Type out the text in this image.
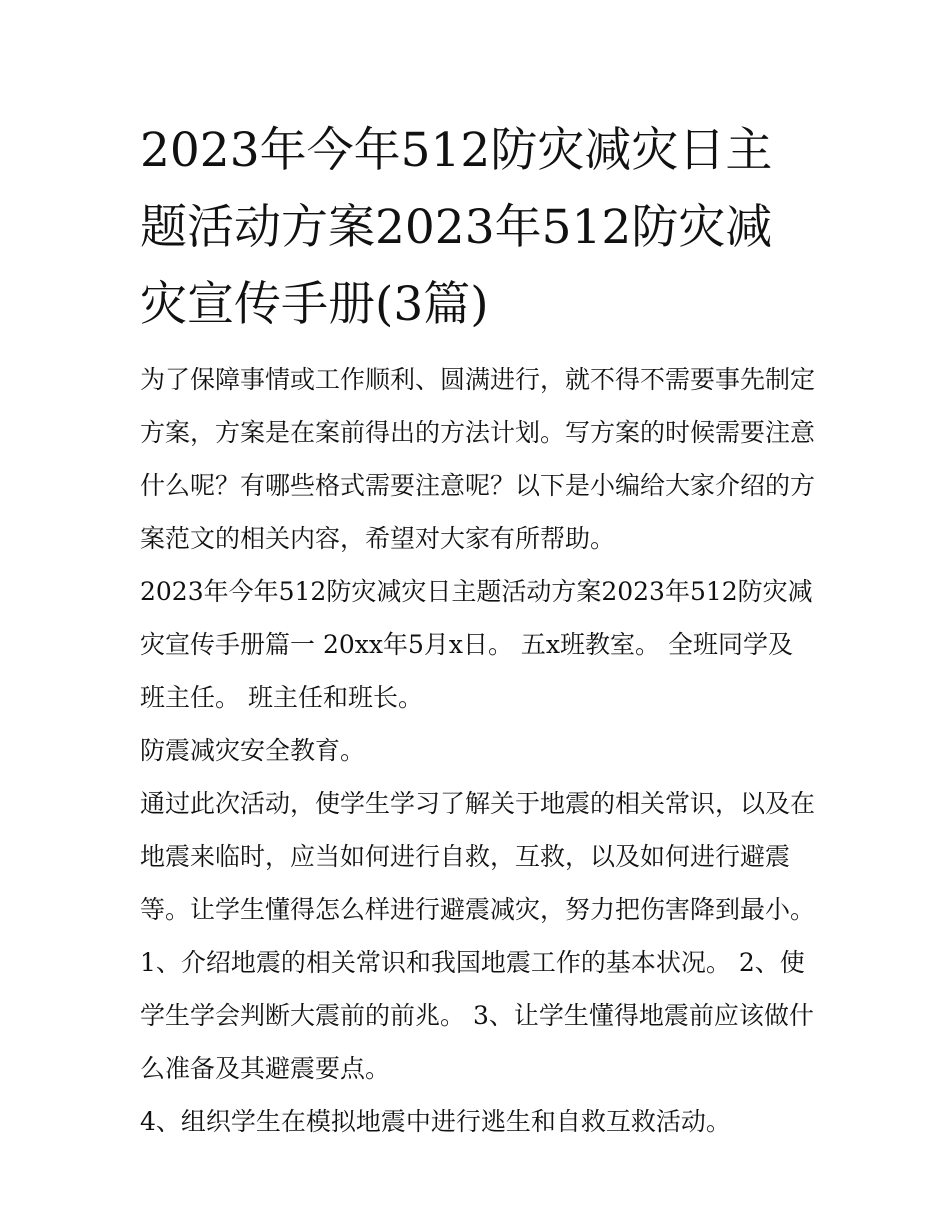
2023年今年512防灾减灾日主题活动方案2023年512防灾减灾宣传手册(3篇)

为了保障事情或工作顺利、圆满进行，就不得不需要事先制定方案，方案是在案前得出的方法计划。写方案的时候需要注意什么呢？有哪些格式需要注意呢？以下是小编给大家介绍的方案范文的相关内容，希望对大家有所帮助。

2023年今年512防灾减灾日主题活动方案2023年512防灾减灾宣传手册篇一 20xx年5月x日。 五x班教室。 全班同学及班主任。 班主任和班长。

防震减灾安全教育。

通过此次活动，使学生学习了解关于地震的相关常识，以及在地震来临时，应当如何进行自救，互救，以及如何进行避震等。让学生懂得怎么样进行避震减灾，努力把伤害降到最小。

1、介绍地震的相关常识和我国地震工作的基本状况。 2、使学生学会判断大震前的前兆。 3、让学生懂得地震前应该做什么准备及其避震要点。

4、组织学生在模拟地震中进行逃生和自救互救活动。
